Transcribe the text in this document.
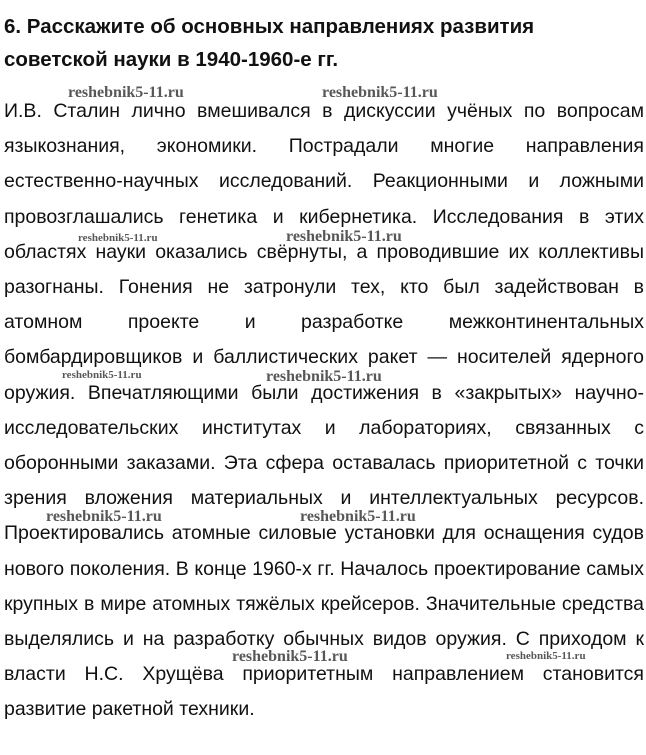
6. Расскажите об основных направлениях развития советской науки в 1940-1960-е гг.

И.В. Сталин лично вмешивался в дискуссии учёных по вопросам языкознания, экономики. Пострадали многие направления естественно-научных исследований. Реакционными и ложными провозглашались генетика и кибернетика. Исследования в этих областях науки оказались свёрнуты, а проводившие их коллективы разогнаны. Гонения не затронули тех, кто был задействован в атомном проекте и разработке межконтинентальных бомбардировщиков и баллистических ракет — носителей ядерного оружия. Впечатляющими были достижения в «закрытых» научно-исследовательских институтах и лабораториях, связанных с оборонными заказами. Эта сфера оставалась приоритетной с точки зрения вложения материальных и интеллектуальных ресурсов. Проектировались атомные силовые установки для оснащения судов нового поколения. В конце 1960-х гг. Началось проектирование самых крупных в мире атомных тяжёлых крейсеров. Значительные средства выделялись и на разработку обычных видов оружия. С приходом к власти Н.С. Хрущёва приоритетным направлением становится развитие ракетной техники.

reshebnik5-11.ru	reshebnik5-11.ru
reshebnik5-11.ru	reshebnik5-11.ru
reshebnik5-11.ru	reshebnik5-11.ru
reshebnik5-11.ru	reshebnik5-11.ru
reshebnik5-11.ru	reshebnik5-11.ru
